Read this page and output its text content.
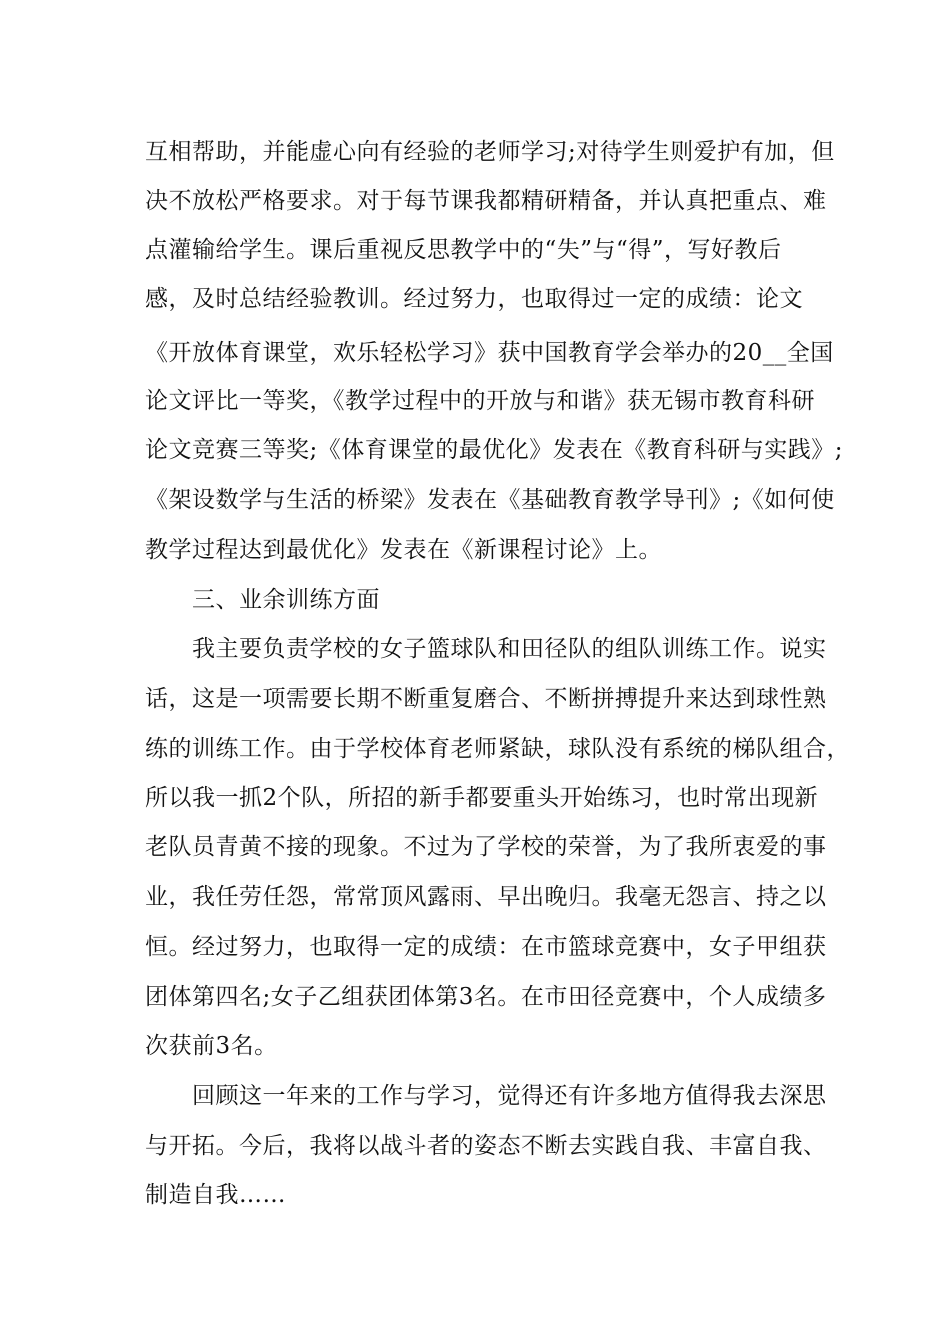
互相帮助，并能虚心向有经验的老师学习;对待学生则爱护有加，但
决不放松严格要求。对于每节课我都精研精备，并认真把重点、难
点灌输给学生。课后重视反思教学中的“失”与“得”，写好教后
感，及时总结经验教训。经过努力，也取得过一定的成绩：论文
《开放体育课堂，欢乐轻松学习》获中国教育学会举办的20__全国
论文评比一等奖，《教学过程中的开放与和谐》获无锡市教育科研
论文竞赛三等奖;《体育课堂的最优化》发表在《教育科研与实践》;
《架设数学与生活的桥梁》发表在《基础教育教学导刊》;《如何使
教学过程达到最优化》发表在《新课程讨论》上。
三、业余训练方面
我主要负责学校的女子篮球队和田径队的组队训练工作。说实
话，这是一项需要长期不断重复磨合、不断拼搏提升来达到球性熟
练的训练工作。由于学校体育老师紧缺，球队没有系统的梯队组合，
所以我一抓2个队，所招的新手都要重头开始练习，也时常出现新
老队员青黄不接的现象。不过为了学校的荣誉，为了我所衷爱的事
业，我任劳任怨，常常顶风露雨、早出晚归。我毫无怨言、持之以
恒。经过努力，也取得一定的成绩：在市篮球竞赛中，女子甲组获
团体第四名;女子乙组获团体第3名。在市田径竞赛中，个人成绩多
次获前3名。
回顾这一年来的工作与学习，觉得还有许多地方值得我去深思
与开拓。今后，我将以战斗者的姿态不断去实践自我、丰富自我、
制造自我……
